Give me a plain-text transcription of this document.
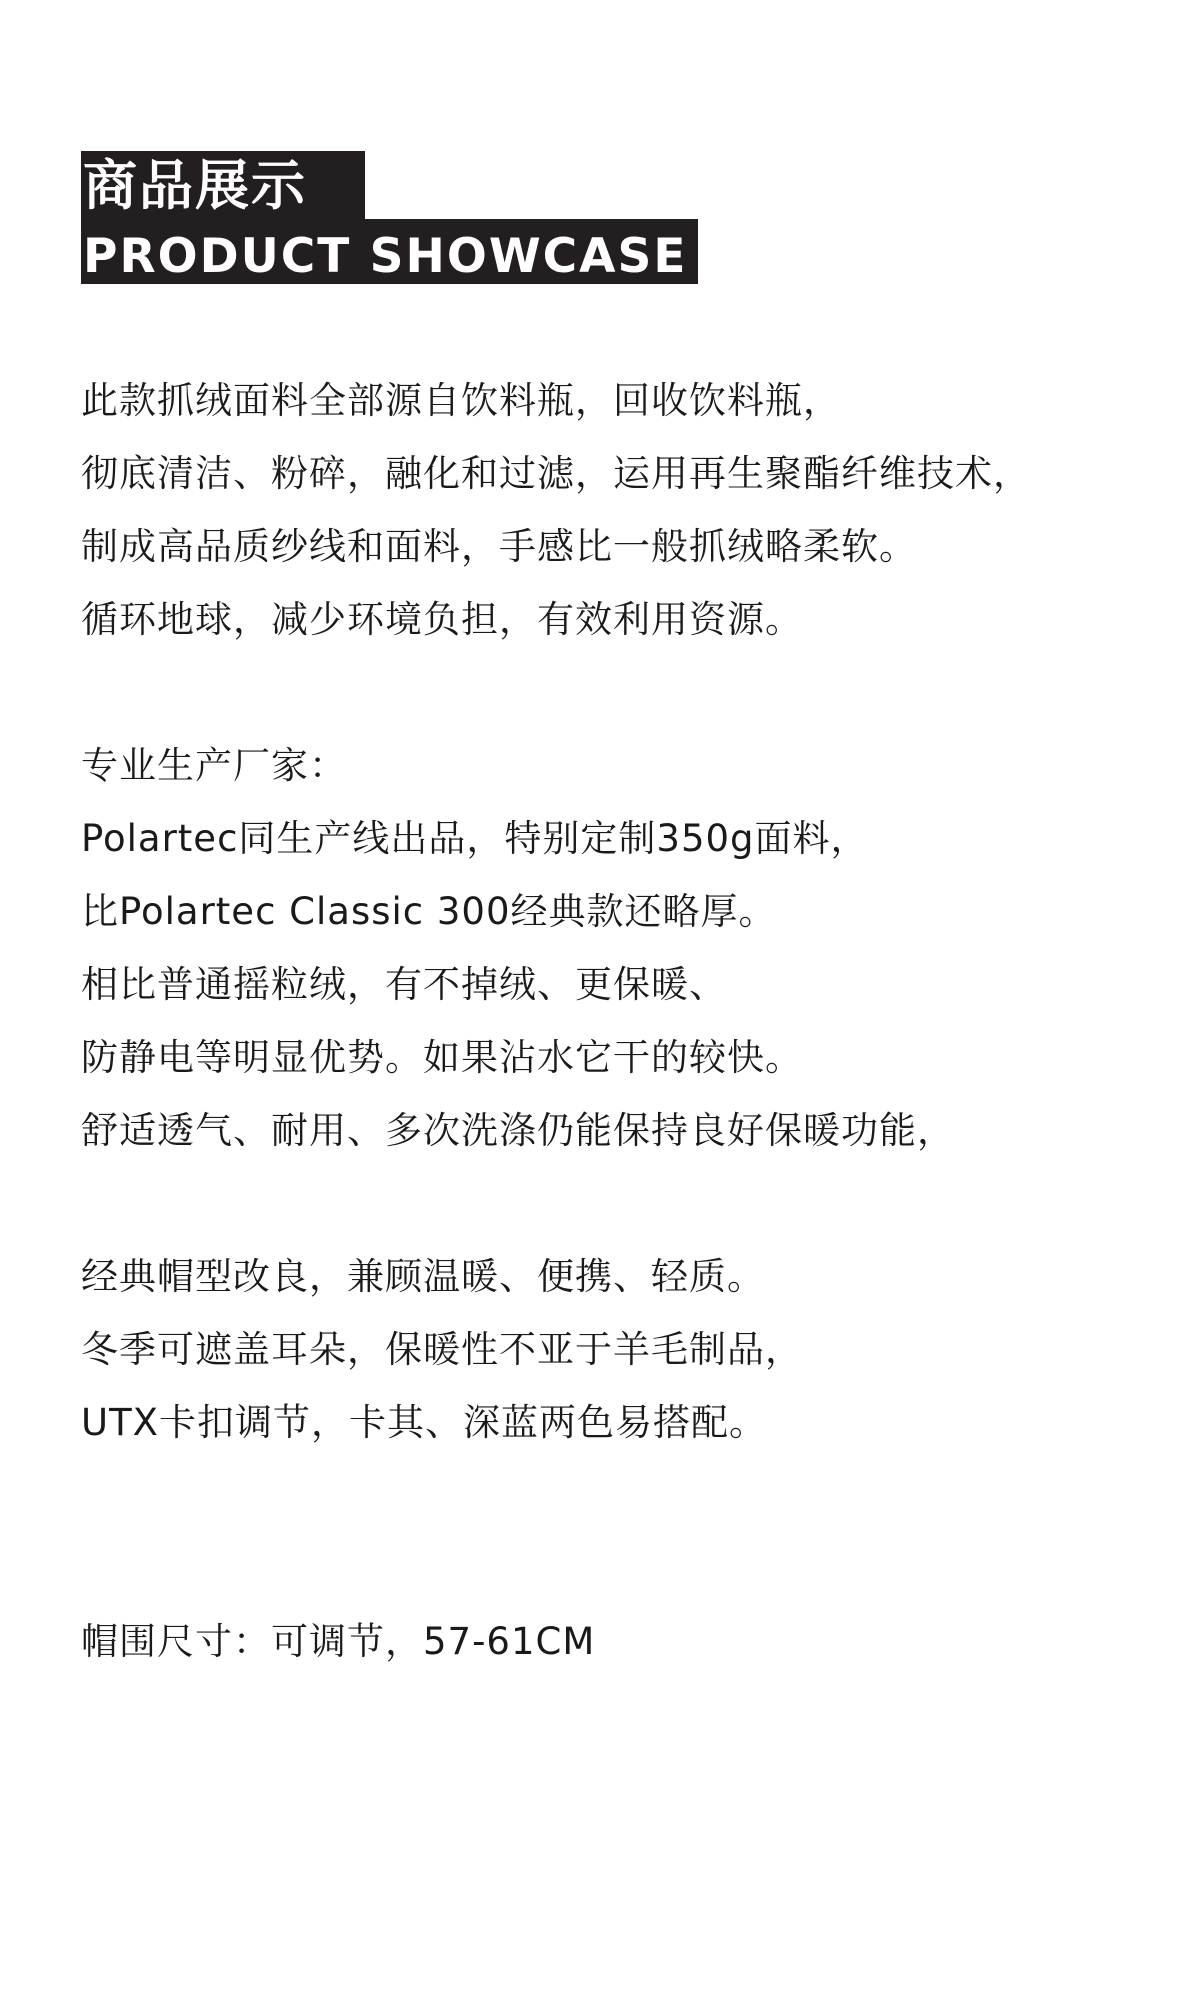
商品展示
PRODUCT SHOWCASE
此款抓绒面料全部源自饮料瓶，回收饮料瓶，
彻底清洁、粉碎，融化和过滤，运用再生聚酯纤维技术，
制成高品质纱线和面料，手感比一般抓绒略柔软。
循环地球，减少环境负担，有效利用资源。
专业生产厂家：
Polartec同生产线出品，特别定制350g面料，
比Polartec Classic 300经典款还略厚。
相比普通摇粒绒，有不掉绒、更保暖、
防静电等明显优势。如果沾水它干的较快。
舒适透气、耐用、多次洗涤仍能保持良好保暖功能，
经典帽型改良，兼顾温暖、便携、轻质。
冬季可遮盖耳朵，保暖性不亚于羊毛制品，
UTX卡扣调节，卡其、深蓝两色易搭配。
帽围尺寸：可调节，57-61CM
